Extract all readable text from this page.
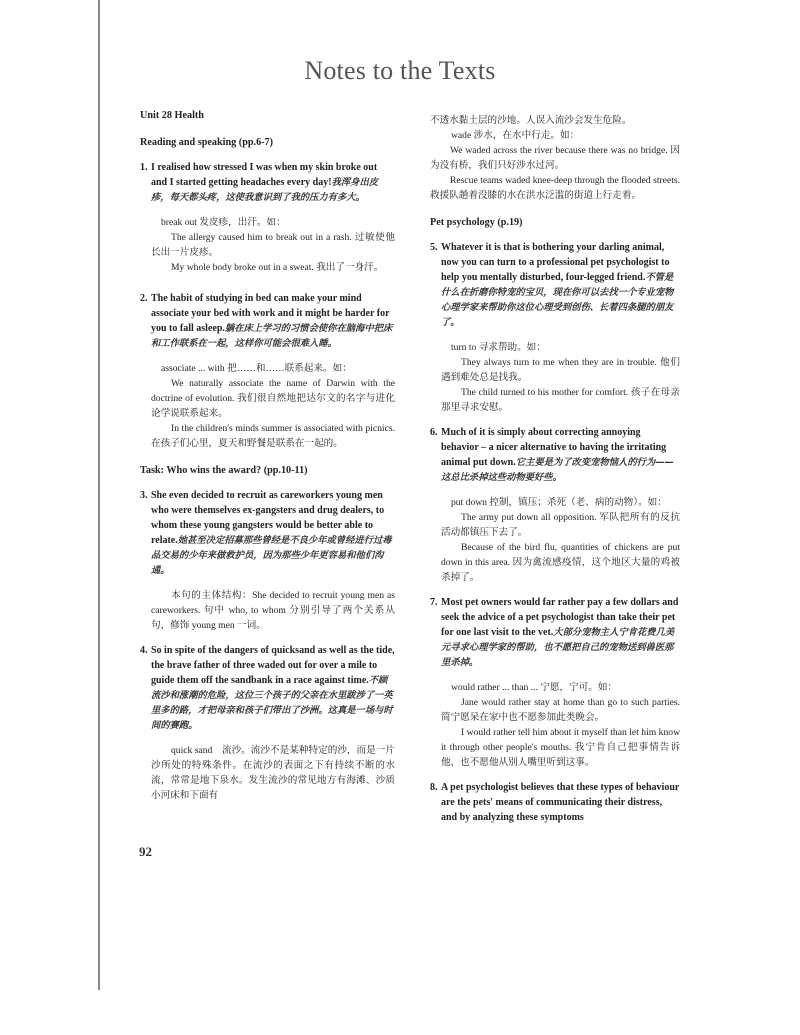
Notes to the Texts

Unit 28 Health

Reading and speaking (pp.6-7)

1. I realised how stressed I was when my skin broke out and I started getting headaches every day!我浑身出皮疹，每天都头疼，这使我意识到了我的压力有多大。

break out 发皮疹，出汗。如：

The allergy caused him to break out in a rash. 过敏使他长出一片皮疹。

My whole body broke out in a sweat. 我出了一身汗。

2. The habit of studying in bed can make your mind associate your bed with work and it might be harder for you to fall asleep.躺在床上学习的习惯会使你在脑海中把床和工作联系在一起，这样你可能会很难入睡。

associate ... with 把……和……联系起来。如：

We naturally associate the name of Darwin with the doctrine of evolution. 我们很自然地把达尔文的名字与进化论学说联系起来。

In the children's minds summer is associated with picnics. 在孩子们心里，夏天和野餐是联系在一起的。

Task: Who wins the award? (pp.10-11)

3. She even decided to recruit as careworkers young men who were themselves ex-gangsters and drug dealers, to whom these young gangsters would be better able to relate.她甚至决定招募那些曾经是不良少年或曾经进行过毒品交易的少年来做救护员，因为那些少年更容易和他们沟通。

本句的主体结构：She decided to recruit young men as careworkers. 句中 who, to whom 分别引导了两个关系从句，修饰 young men 一词。

4. So in spite of the dangers of quicksand as well as the tide, the brave father of three waded out for over a mile to guide them off the sandbank in a race against time.不顾流沙和涨潮的危险，这位三个孩子的父亲在水里跋涉了一英里多的路，才把母亲和孩子们带出了沙洲。这真是一场与时间的赛跑。

quick sand　流沙。流沙不是某种特定的沙，而是一片沙所处的特殊条件。在流沙的表面之下有持续不断的水流，常常是地下泉水。发生流沙的常见地方有海滩、沙质小河床和下面有

不透水黏土层的沙地。人误入流沙会发生危险。

wade 涉水，在水中行走。如：

We waded across the river because there was no bridge. 因为没有桥，我们只好涉水过河。

Rescue teams waded knee-deep through the flooded streets. 救援队趟着没膝的水在洪水泛滥的街道上行走着。

Pet psychology (p.19)

5. Whatever it is that is bothering your darling animal, now you can turn to a professional pet psychologist to help you mentally disturbed, four-legged friend.不管是什么在折磨你特宠的宝贝，现在你可以去找一个专业宠物心理学家来帮助你这位心理受到创伤、长着四条腿的朋友了。

turn to 寻求帮助。如：

They always turn to me when they are in trouble. 他们遇到难处总是找我。

The child turned to his mother for comfort. 孩子在母亲那里寻求安慰。

6. Much of it is simply about correcting annoying behavior – a nicer alternative to having the irritating animal put down.它主要是为了改变宠物恼人的行为——这总比杀掉这些动物要好些。

put down 控制，镇压；杀死（老、病的动物）。如：

The army put down all opposition. 军队把所有的反抗活动都镇压下去了。

Because of the bird flu, quantities of chickens are put down in this area. 因为禽流感疫情，这个地区大量的鸡被杀掉了。

7. Most pet owners would far rather pay a few dollars and seek the advice of a pet psychologist than take their pet for one last visit to the vet.大部分宠物主人宁肯花费几美元寻求心理学家的帮助，也不愿把自己的宠物送到兽医那里杀掉。

would rather ... than ... 宁愿，宁可。如：

Jane would rather stay at home than go to such parties. 简宁愿呆在家中也不愿参加此类晚会。

I would rather tell him about it myself than let him know it through other people's mouths. 我宁肯自己把事情告诉他，也不愿他从别人嘴里听到这事。

8. A pet psychologist believes that these types of behaviour are the pets' means of communicating their distress, and by analyzing these symptoms

92
